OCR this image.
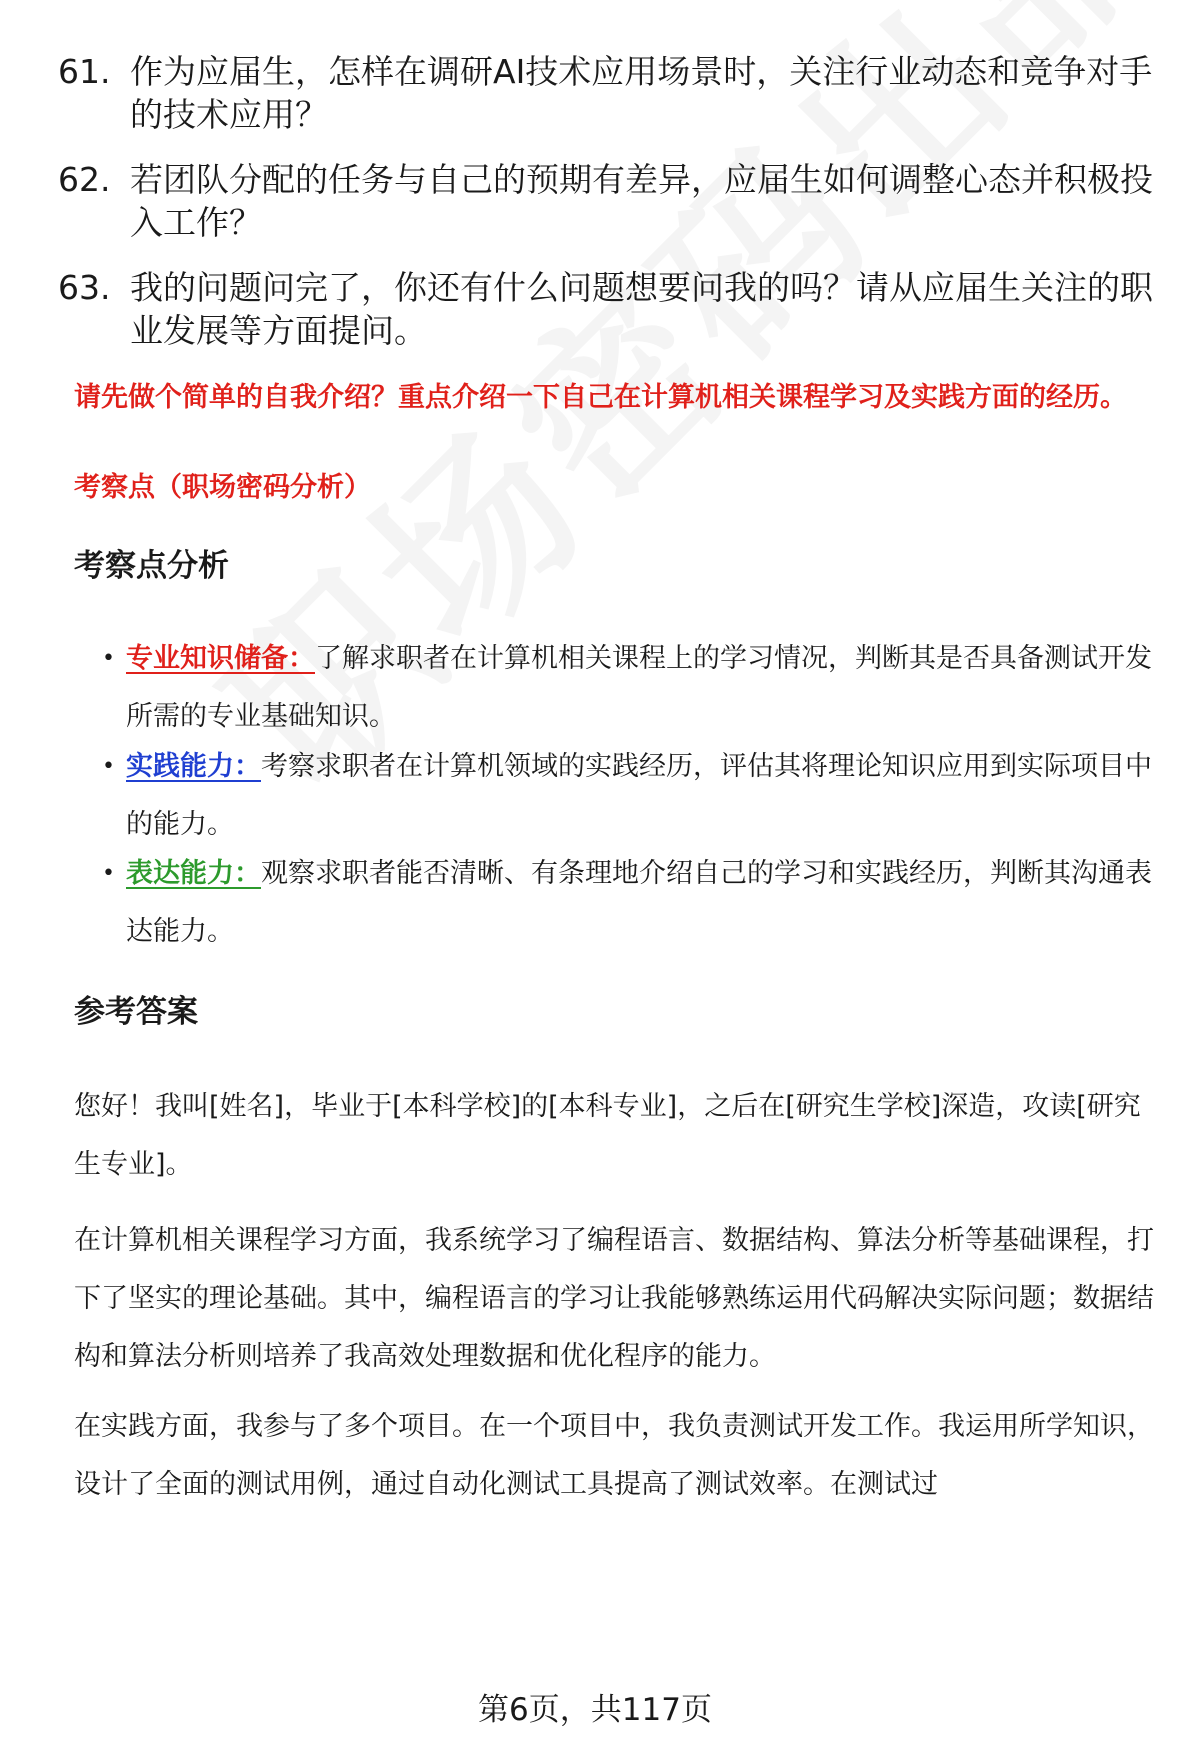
61. 作为应届生，怎样在调研AI技术应用场景时，关注行业动态和竞争对手的技术应用？
62. 若团队分配的任务与自己的预期有差异，应届生如何调整心态并积极投入工作？
63. 我的问题问完了，你还有什么问题想要问我的吗？请从应届生关注的职业发展等方面提问。
请先做个简单的自我介绍？重点介绍一下自己在计算机相关课程学习及实践方面的经历。
考察点（职场密码分析）
考察点分析
• 专业知识储备：了解求职者在计算机相关课程上的学习情况，判断其是否具备测试开发所需的专业基础知识。
• 实践能力：考察求职者在计算机领域的实践经历，评估其将理论知识应用到实际项目中的能力。
• 表达能力：观察求职者能否清晰、有条理地介绍自己的学习和实践经历，判断其沟通表达能力。
参考答案
您好！我叫[姓名]，毕业于[本科学校]的[本科专业]，之后在[研究生学校]深造，攻读[研究生专业]。
在计算机相关课程学习方面，我系统学习了编程语言、数据结构、算法分析等基础课程，打下了坚实的理论基础。其中，编程语言的学习让我能够熟练运用代码解决实际问题；数据结构和算法分析则培养了我高效处理数据和优化程序的能力。
在实践方面，我参与了多个项目。在一个项目中，我负责测试开发工作。我运用所学知识，设计了全面的测试用例，通过自动化测试工具提高了测试效率。在测试过
第6页，共117页
